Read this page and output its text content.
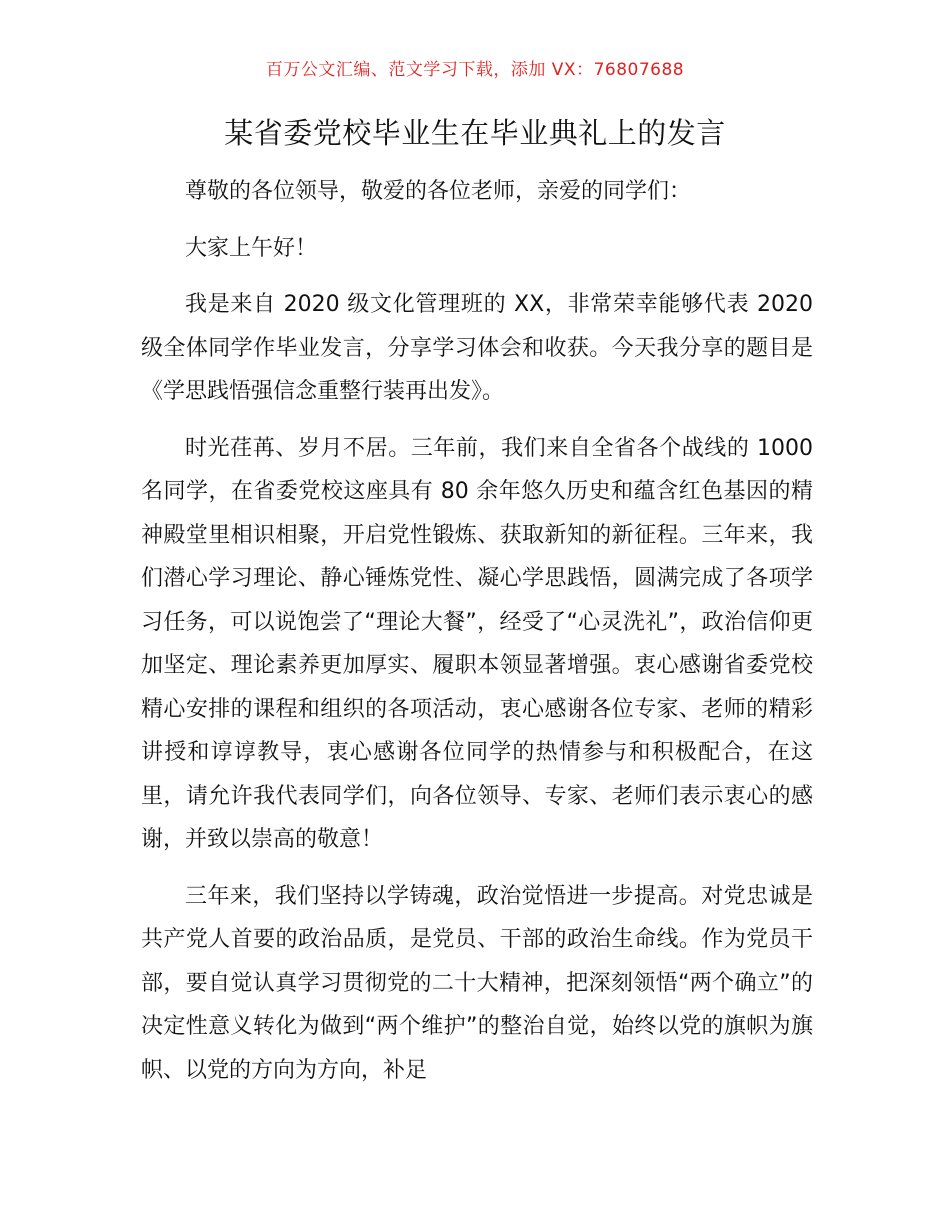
百万公文汇编、范文学习下载，添加 VX：76807688
某省委党校毕业生在毕业典礼上的发言

尊敬的各位领导，敬爱的各位老师，亲爱的同学们：

大家上午好！

我是来自 2020 级文化管理班的 XX，非常荣幸能够代表 2020 级全体同学作毕业发言，分享学习体会和收获。今天我分享的题目是《学思践悟强信念重整行装再出发》。

时光荏苒、岁月不居。三年前，我们来自全省各个战线的 1000 名同学，在省委党校这座具有 80 余年悠久历史和蕴含红色基因的精神殿堂里相识相聚，开启党性锻炼、获取新知的新征程。三年来，我们潜心学习理论、静心锤炼党性、凝心学思践悟，圆满完成了各项学习任务，可以说饱尝了“理论大餐”，经受了“心灵洗礼”，政治信仰更加坚定、理论素养更加厚实、履职本领显著增强。衷心感谢省委党校精心安排的课程和组织的各项活动，衷心感谢各位专家、老师的精彩讲授和谆谆教导，衷心感谢各位同学的热情参与和积极配合，在这里，请允许我代表同学们，向各位领导、专家、老师们表示衷心的感谢，并致以崇高的敬意！

三年来，我们坚持以学铸魂，政治觉悟进一步提高。对党忠诚是共产党人首要的政治品质，是党员、干部的政治生命线。作为党员干部，要自觉认真学习贯彻党的二十大精神，把深刻领悟“两个确立”的决定性意义转化为做到“两个维护”的整治自觉，始终以党的旗帜为旗帜、以党的方向为方向，补足
